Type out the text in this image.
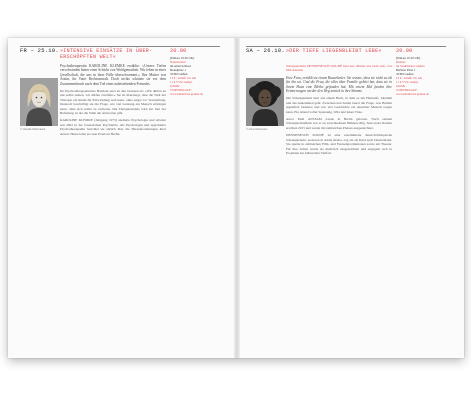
FR – 25.10. »INTENSIVE EINSÄTZE IN ÜBERERSCHÖPFTEN WELT«
20.00
© Claudia Zwittmaack

Psychotherapeutin KAROLINE KLEMKE erzählte: »Unsere Tiefen verschwinden hinter einer Schicht von Wohlgemutheit. Wir leben in einer Gesellschaft, die uns in ihrer Fülle überschwemmt.« Ihre Mutter war Ärztin, ihr Vater Rechtsanwalt. Doch nichts schützte sie vor dem Zusammenbruch nach dem Tod eines nahestehenden Freundes.

Ihr Psychotherapeutisches Handeln setzt an den Grenzen an: »Wir dürfen zu uns selbst stehen, wir dürfen zweifeln.« Sie ist überzeugt, dass die Welt der Therapie ein Raum für Entwicklung sein kann, ohne Angst vor Verurteilung. Dennoch beschäftigt sie die Frage, wie viel Leistung ein Mensch erbringen kann, ohne sich selbst zu verlieren. Die Therapiestunde wird zur Zeit der Befreiung, in der die Stille die Antworten gibt.

KAROLINE KLEMKE (Jahrgang 1973) studierte Psychologie und arbeitet seit 2002 in der forensischen Psychiatrie. Als Psychologin und approbierte Psychotherapeutin berichtet sie ehrlich über die Herausforderungen ihrer Arbeit. Heute leitet sie eine Praxis in Berlin.

(Einlass 19.30 Uhr)
Naturnomad
im Alten Schloss
Brandplatz 1
35390 Gießen
13 € / ermäß. 9 € AK
11 € VVK zuzügl.
Gebühr
VORVERKAUF:
www.kinderbrot.gemen.de
SA – 26.10. »DER TIEFE LIEGENBLEIBT LEBE«	20.00
© Anna Schumann

Schauspielerin DENNENESCH ZOUDÉ liest aus »Haltet uns nicht auf« von Mai Anstam

Eine Frau, erzählt sie einem Bauarbeiter. Sie wusste, dass sie nicht zu alt für ihn sei. Und die Frau, die alles über Familie gehört hat, dass sie in ihrem Haus eine Bleibe gefunden hat. Mit einem Mal fanden ihre Erinnerungen wieder den Weg zurück in ihre Stimme.

Die Schauspielerin liest aus einem Buch, in dem es um Herkunft, Identität und das Ankommen geht. Zwischen den Zeilen lauert die Frage, was Heimat eigentlich bedeutet und wie viel Geschichte ein einzelner Mensch tragen kann. Ein Abend voller Spannung, Witz und leiser Töne.

Autor MAI ANSTAM wurde in Berlin geboren. Nach seinem Schauspielstudium war er an verschiedenen Bühnen tätig. Sein erster Roman erschien 2015 und wurde mit zahlreichen Preisen ausgezeichnet.

DENNENESCH ZOUDÉ ist eine renommierte deutsch-äthiopische Schauspielerin. Geboren in Addis Abeba, zog sie als Kind nach Deutschland. Sie spielte in zahlreichen Film- und Fernsehproduktionen sowie am Theater. Für ihre Arbeit wurde sie mehrfach ausgezeichnet und engagiert sich in Projekten zur kulturellen Vielfalt.

(Einlass 19.30 Uhr)
Kleines
im Stadttheater Gießen
Berliner Platz 1
35390 Gießen
13 € / ermäß. 9 € AK
11 € VVK zuzügl.
Gebühr
VORVERKAUF:
www.kinderbrot.gemen.de
